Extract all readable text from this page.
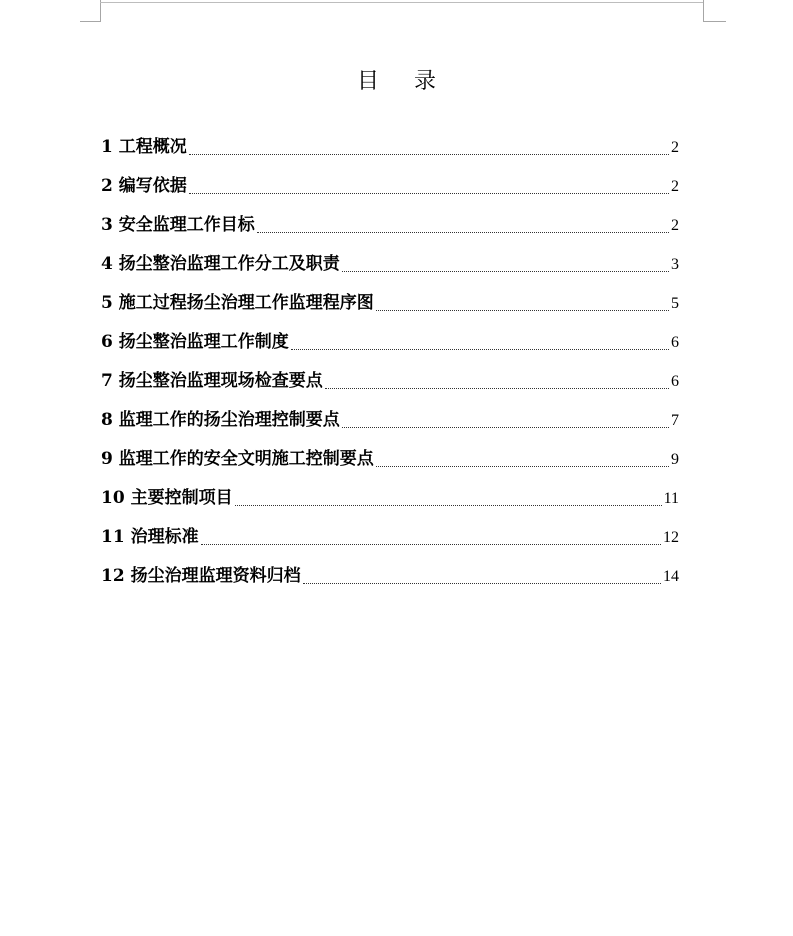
目 录
1 工程概况	2
2 编写依据	2
3 安全监理工作目标	2
4 扬尘整治监理工作分工及职责	3
5 施工过程扬尘治理工作监理程序图	5
6 扬尘整治监理工作制度	6
7 扬尘整治监理现场检查要点	6
8 监理工作的扬尘治理控制要点	7
9 监理工作的安全文明施工控制要点	9
10 主要控制项目	11
11 治理标准	12
12 扬尘治理监理资料归档	14
